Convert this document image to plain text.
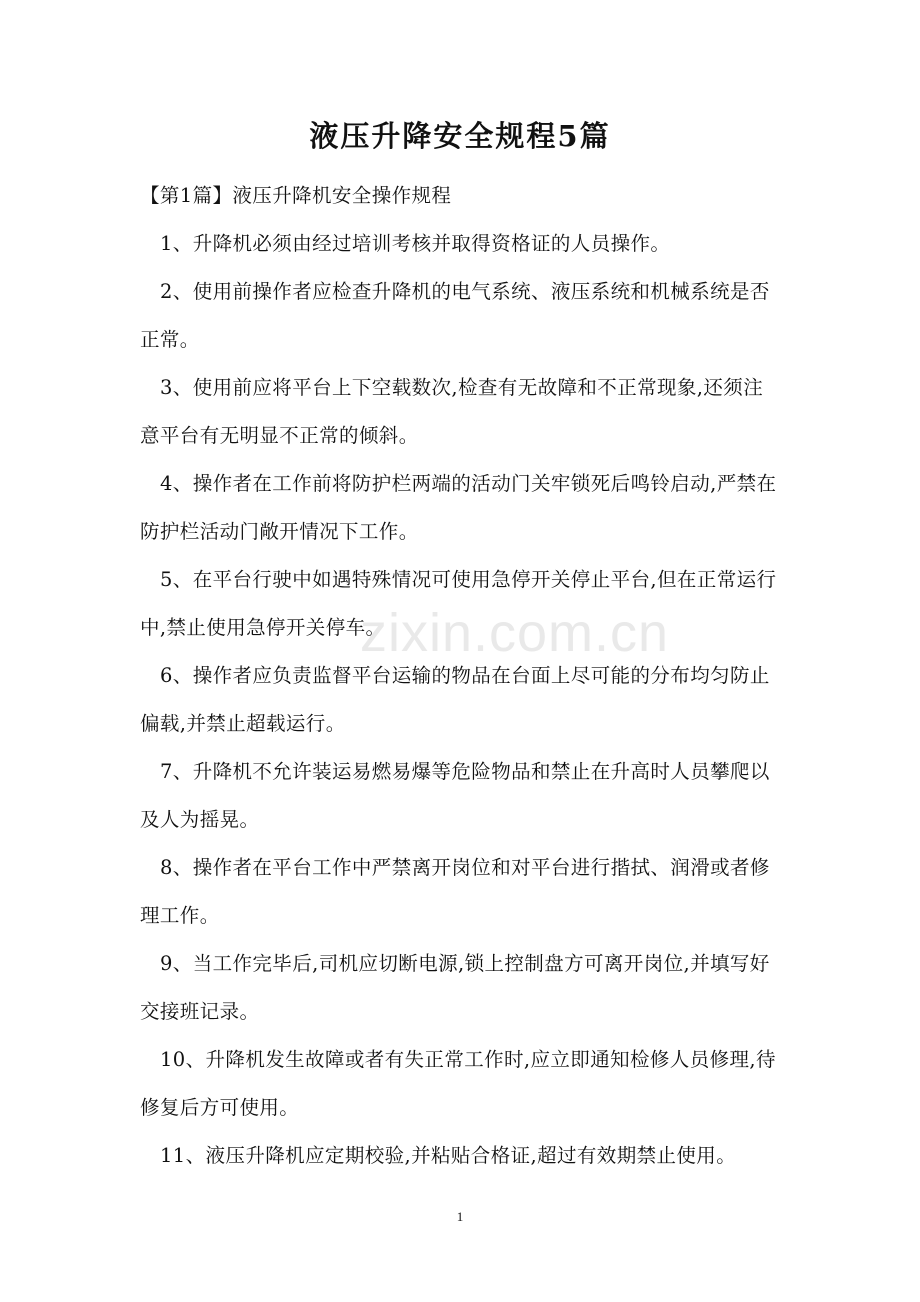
液压升降安全规程5篇

【第1篇】液压升降机安全操作规程

1、升降机必须由经过培训考核并取得资格证的人员操作。

2、使用前操作者应检查升降机的电气系统、液压系统和机械系统是否正常。

3、使用前应将平台上下空载数次,检查有无故障和不正常现象,还须注意平台有无明显不正常的倾斜。

4、操作者在工作前将防护栏两端的活动门关牢锁死后鸣铃启动,严禁在防护栏活动门敞开情况下工作。

5、在平台行驶中如遇特殊情况可使用急停开关停止平台,但在正常运行中,禁止使用急停开关停车。

6、操作者应负责监督平台运输的物品在台面上尽可能的分布均匀防止偏载,并禁止超载运行。

7、升降机不允许装运易燃易爆等危险物品和禁止在升高时人员攀爬以及人为摇晃。

8、操作者在平台工作中严禁离开岗位和对平台进行揩拭、润滑或者修理工作。

9、当工作完毕后,司机应切断电源,锁上控制盘方可离开岗位,并填写好交接班记录。

10、升降机发生故障或者有失正常工作时,应立即通知检修人员修理,待修复后方可使用。

11、液压升降机应定期校验,并粘贴合格证,超过有效期禁止使用。

zixin.com.cn
1
